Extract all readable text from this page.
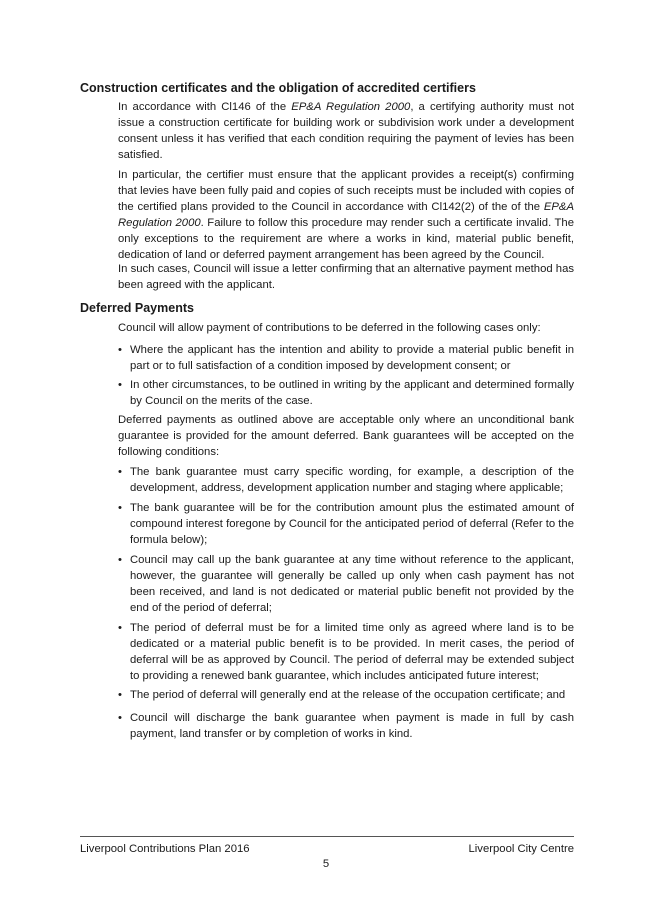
Construction certificates and the obligation of accredited certifiers

In accordance with Cl146 of the EP&A Regulation 2000, a certifying authority must not issue a construction certificate for building work or subdivision work under a development consent unless it has verified that each condition requiring the payment of levies has been satisfied.

In particular, the certifier must ensure that the applicant provides a receipt(s) confirming that levies have been fully paid and copies of such receipts must be included with copies of the certified plans provided to the Council in accordance with Cl142(2) of the of the EP&A Regulation 2000. Failure to follow this procedure may render such a certificate invalid. The only exceptions to the requirement are where a works in kind, material public benefit, dedication of land or deferred payment arrangement has been agreed by the Council.

In such cases, Council will issue a letter confirming that an alternative payment method has been agreed with the applicant.

Deferred Payments

Council will allow payment of contributions to be deferred in the following cases only:

• Where the applicant has the intention and ability to provide a material public benefit in part or to full satisfaction of a condition imposed by development consent; or
• In other circumstances, to be outlined in writing by the applicant and determined formally by Council on the merits of the case.

Deferred payments as outlined above are acceptable only where an unconditional bank guarantee is provided for the amount deferred. Bank guarantees will be accepted on the following conditions:

• The bank guarantee must carry specific wording, for example, a description of the development, address, development application number and staging where applicable;
• The bank guarantee will be for the contribution amount plus the estimated amount of compound interest foregone by Council for the anticipated period of deferral (Refer to the formula below);
• Council may call up the bank guarantee at any time without reference to the applicant, however, the guarantee will generally be called up only when cash payment has not been received, and land is not dedicated or material public benefit not provided by the end of the period of deferral;
• The period of deferral must be for a limited time only as agreed where land is to be dedicated or a material public benefit is to be provided. In merit cases, the period of deferral will be as approved by Council. The period of deferral may be extended subject to providing a renewed bank guarantee, which includes anticipated future interest;
• The period of deferral will generally end at the release of the occupation certificate; and
• Council will discharge the bank guarantee when payment is made in full by cash payment, land transfer or by completion of works in kind.
Liverpool Contributions Plan 2016	Liverpool City Centre
5
